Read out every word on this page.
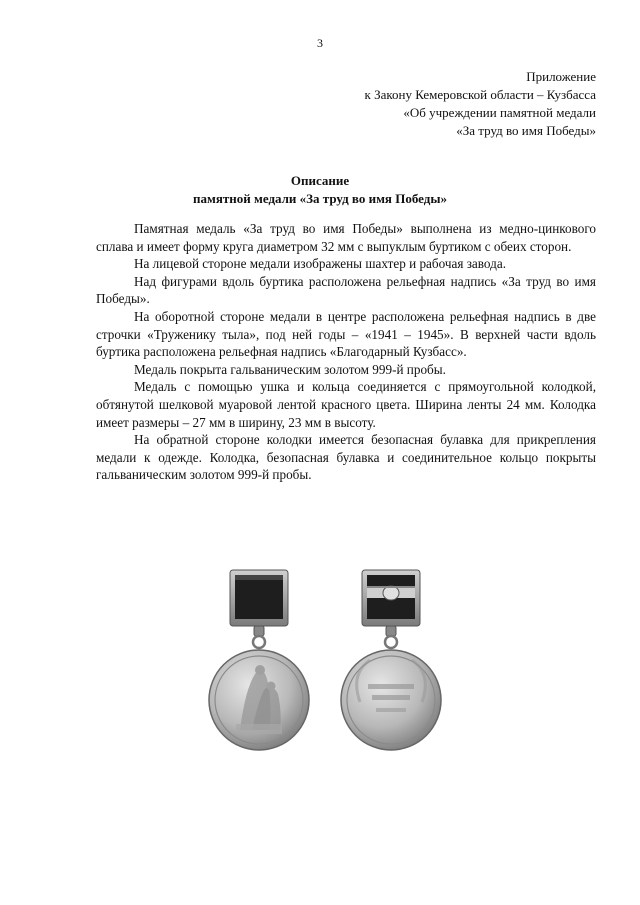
3
Приложение
к Закону Кемеровской области – Кузбасса
«Об учреждении памятной медали
«За труд во имя Победы»
Описание
памятной медали «За труд во имя Победы»

Памятная медаль «За труд во имя Победы» выполнена из медно-цинкового сплава и имеет форму круга диаметром 32 мм с выпуклым буртиком с обеих сторон.

На лицевой стороне медали изображены шахтер и рабочая завода.

Над фигурами вдоль буртика расположена рельефная надпись «За труд во имя Победы».

На оборотной стороне медали в центре расположена рельефная надпись в две строчки «Труженику тыла», под ней годы – «1941 – 1945». В верхней части вдоль буртика расположена рельефная надпись «Благодарный Кузбасс».

Медаль покрыта гальваническим золотом 999-й пробы.

Медаль с помощью ушка и кольца соединяется с прямоугольной колодкой, обтянутой шелковой муаровой лентой красного цвета. Ширина ленты 24 мм. Колодка имеет размеры – 27 мм в ширину, 23 мм в высоту.

На обратной стороне колодки имеется безопасная булавка для прикрепления медали к одежде. Колодка, безопасная булавка и соединительное кольцо покрыты гальваническим золотом 999-й пробы.
